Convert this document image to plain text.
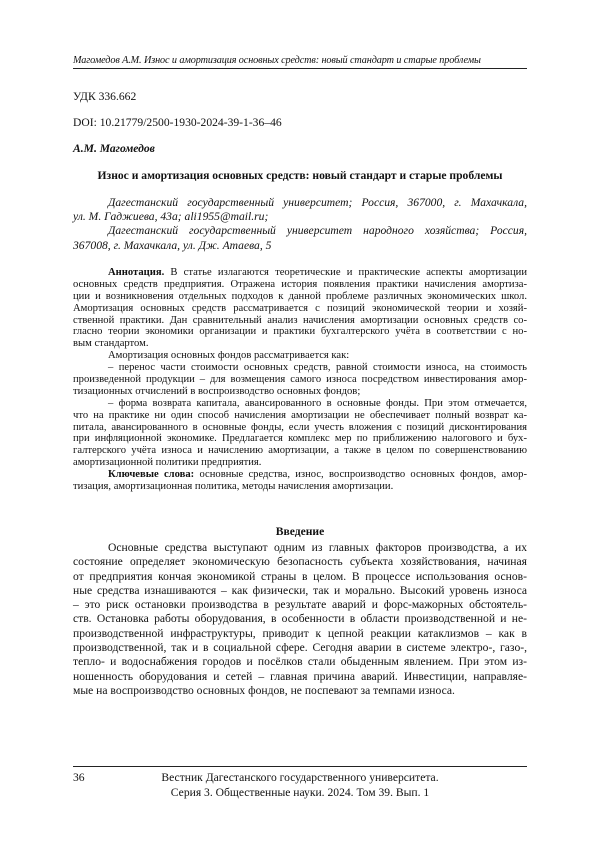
Магомедов А.М. Износ и амортизация основных средств: новый стандарт и старые проблемы
УДК 336.662
DOI: 10.21779/2500-1930-2024-39-1-36–46
А.М. Магомедов
Износ и амортизация основных средств: новый стандарт и старые проблемы
Дагестанский государственный университет; Россия, 367000, г. Махачкала,
ул. М. Гаджиева, 43а; ali1955@mail.ru;
Дагестанский государственный университет народного хозяйства; Россия,
367008, г. Махачкала, ул. Дж. Атаева, 5
Аннотация. В статье излагаются теоретические и практические аспекты амортизации
основных средств предприятия. Отражена история появления практики начисления амортиза-
ции и возникновения отдельных подходов к данной проблеме различных экономических школ.
Амортизация основных средств рассматривается с позиций экономической теории и хозяй-
ственной практики. Дан сравнительный анализ начисления амортизации основных средств со-
гласно теории экономики организации и практики бухгалтерского учёта в соответствии с но-
вым стандартом.
Амортизация основных фондов рассматривается как:
– перенос части стоимости основных средств, равной стоимости износа, на стоимость
произведенной продукции – для возмещения самого износа посредством инвестирования амор-
тизационных отчислений в воспроизводство основных фондов;
– форма возврата капитала, авансированного в основные фонды. При этом отмечается,
что на практике ни один способ начисления амортизации не обеспечивает полный возврат ка-
питала, авансированного в основные фонды, если учесть вложения с позиций дисконтирования
при инфляционной экономике. Предлагается комплекс мер по приближению налогового и бух-
галтерского учёта износа и начислению амортизации, а также в целом по совершенствованию
амортизационной политики предприятия.
Ключевые слова: основные средства, износ, воспроизводство основных фондов, амор-
тизация, амортизационная политика, методы начисления амортизации.
Введение
Основные средства выступают одним из главных факторов производства, а их
состояние определяет экономическую безопасность субъекта хозяйствования, начиная
от предприятия кончая экономикой страны в целом. В процессе использования основ-
ные средства изнашиваются – как физически, так и морально. Высокий уровень износа
– это риск остановки производства в результате аварий и форс-мажорных обстоятель-
ств. Остановка работы оборудования, в особенности в области производственной и не-
производственной инфраструктуры, приводит к цепной реакции катаклизмов – как в
производственной, так и в социальной сфере. Сегодня аварии в системе электро-, газо-,
тепло- и водоснабжения городов и посёлков стали обыденным явлением. При этом из-
ношенность оборудования и сетей – главная причина аварий. Инвестиции, направляе-
мые на воспроизводство основных фондов, не поспевают за темпами износа.
36	Вестник Дагестанского государственного университета.
Серия 3. Общественные науки. 2024. Том 39. Вып. 1
